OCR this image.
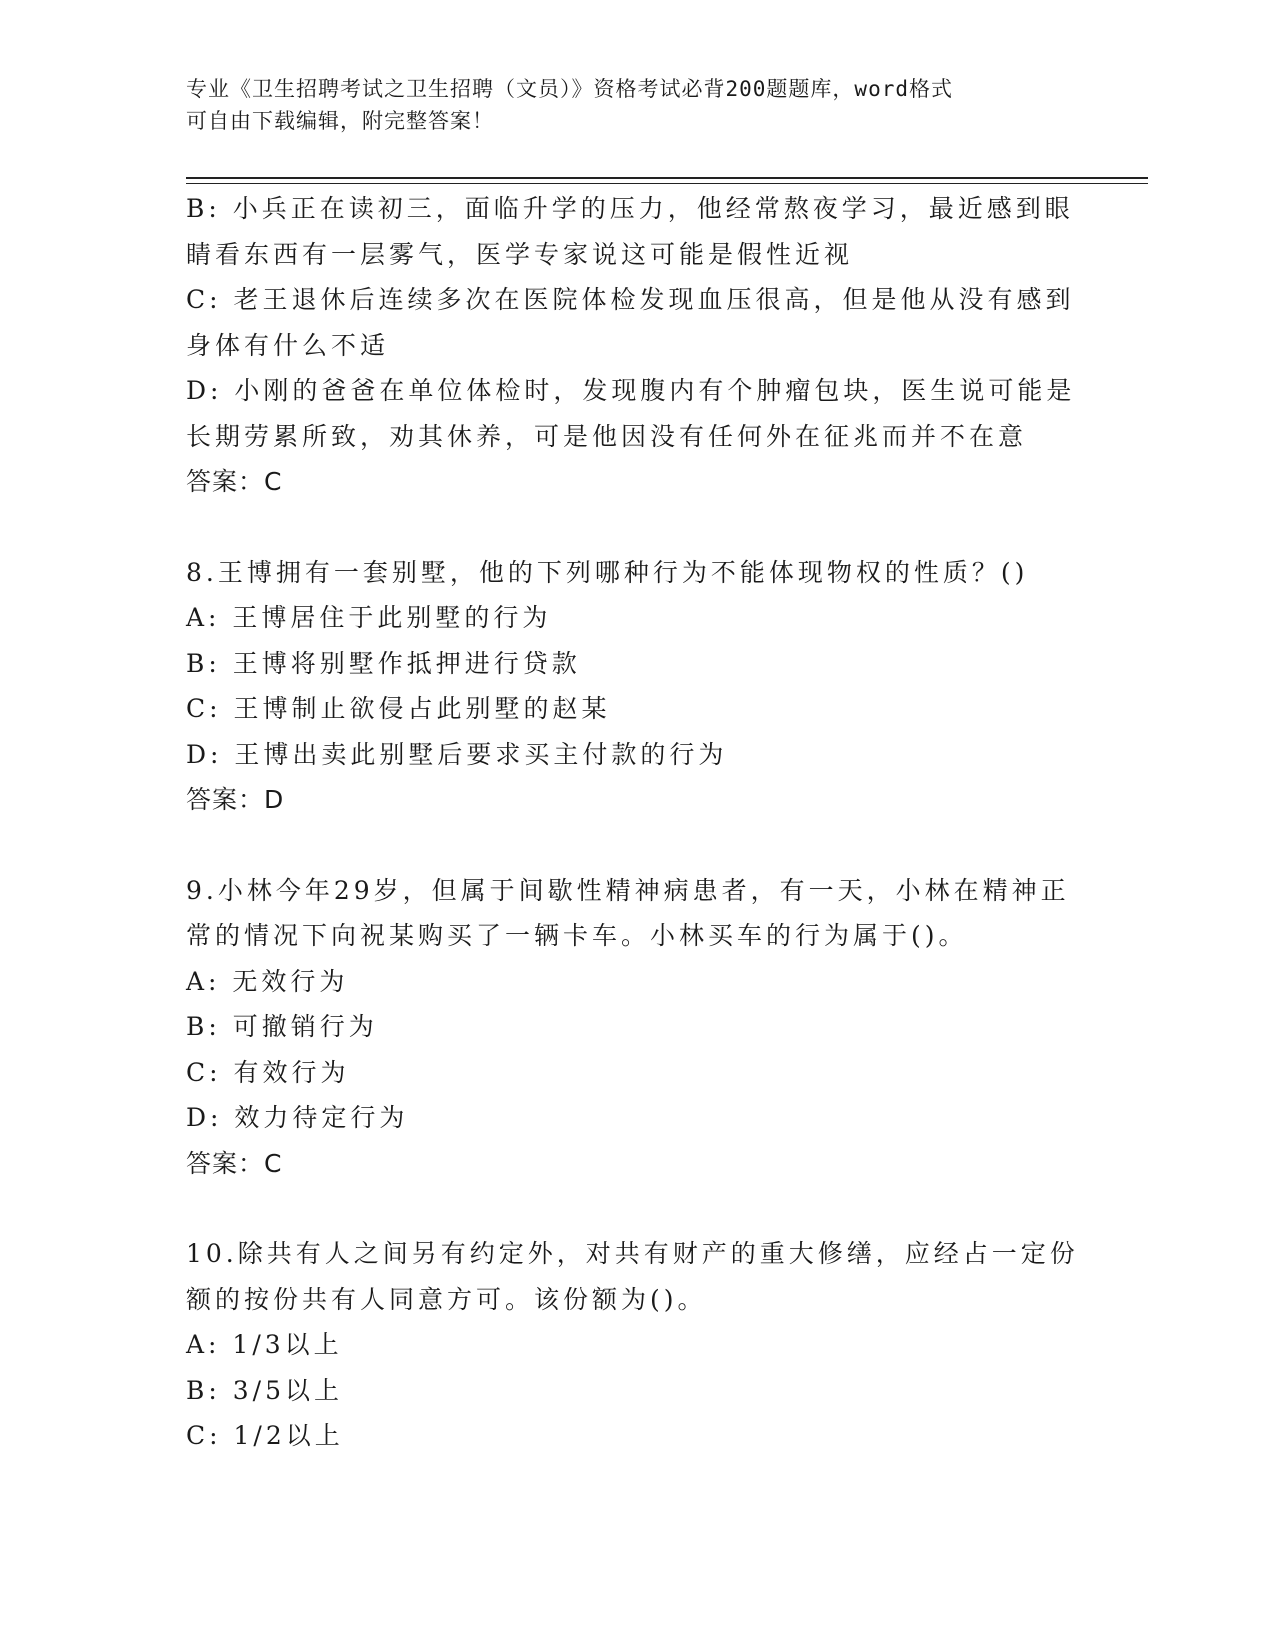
专业《卫生招聘考试之卫生招聘（文员）》资格考试必背200题题库，word格式
可自由下载编辑，附完整答案！
B: 小兵正在读初三，面临升学的压力，他经常熬夜学习，最近感到眼
睛看东西有一层雾气，医学专家说这可能是假性近视
C: 老王退休后连续多次在医院体检发现血压很高，但是他从没有感到
身体有什么不适
D: 小刚的爸爸在单位体检时，发现腹内有个肿瘤包块，医生说可能是
长期劳累所致，劝其休养，可是他因没有任何外在征兆而并不在意
答案：C
8.王博拥有一套别墅，他的下列哪种行为不能体现物权的性质？()
A: 王博居住于此别墅的行为
B: 王博将别墅作抵押进行贷款
C: 王博制止欲侵占此别墅的赵某
D: 王博出卖此别墅后要求买主付款的行为
答案：D
9.小林今年29岁，但属于间歇性精神病患者，有一天，小林在精神正
常的情况下向祝某购买了一辆卡车。小林买车的行为属于()。
A: 无效行为
B: 可撤销行为
C: 有效行为
D: 效力待定行为
答案：C
10.除共有人之间另有约定外，对共有财产的重大修缮，应经占一定份
额的按份共有人同意方可。该份额为()。
A: 1/3以上
B: 3/5以上
C: 1/2以上
